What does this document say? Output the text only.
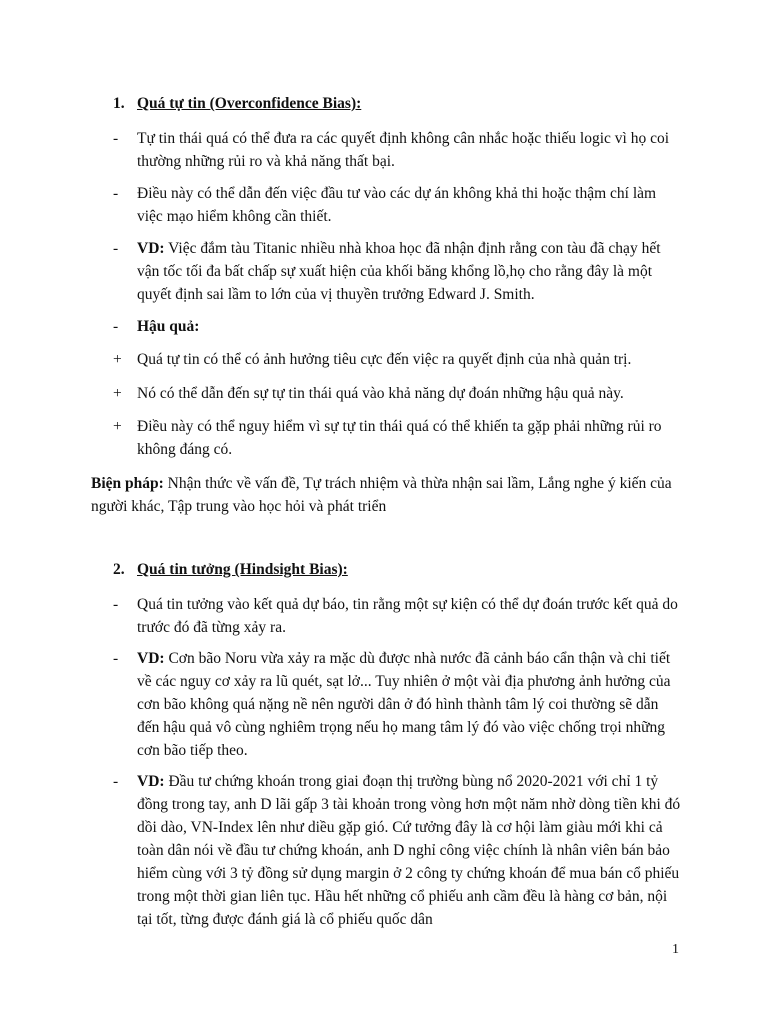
1. Quá tự tin (Overconfidence Bias):
- Tự tin thái quá có thể đưa ra các quyết định không cân nhắc hoặc thiếu logic vì họ coi thường những rủi ro và khả năng thất bại.
- Điều này có thể dẫn đến việc đầu tư vào các dự án không khả thi hoặc thậm chí làm việc mạo hiểm không cần thiết.
- VD: Việc đắm tàu Titanic nhiều nhà khoa học đã nhận định rằng con tàu đã chạy hết vận tốc tối đa bất chấp sự xuất hiện của khối băng khổng lồ,họ cho rằng đây là một quyết định sai lầm to lớn của vị thuyền trưởng Edward J. Smith.
- Hậu quả:
+ Quá tự tin có thể có ảnh hưởng tiêu cực đến việc ra quyết định của nhà quản trị.
+ Nó có thể dẫn đến sự tự tin thái quá vào khả năng dự đoán những hậu quả này.
+ Điều này có thể nguy hiểm vì sự tự tin thái quá có thể khiến ta gặp phải những rủi ro không đáng có.
Biện pháp: Nhận thức về vấn đề, Tự trách nhiệm và thừa nhận sai lầm, Lắng nghe ý kiến của người khác, Tập trung vào học hỏi và phát triển
2. Quá tin tưởng (Hindsight Bias):
- Quá tin tưởng vào kết quả dự báo, tin rằng một sự kiện có thể dự đoán trước kết quả do trước đó đã từng xảy ra.
- VD: Cơn bão Noru vừa xảy ra mặc dù được nhà nước đã cảnh báo cẩn thận và chi tiết về các nguy cơ xảy ra lũ quét, sạt lở... Tuy nhiên ở một vài địa phương ảnh hưởng của cơn bão không quá nặng nề nên người dân ở đó hình thành tâm lý coi thường sẽ dẫn đến hậu quả vô cùng nghiêm trọng nếu họ mang tâm lý đó vào việc chống trọi những cơn bão tiếp theo.
- VD: Đầu tư chứng khoán trong giai đoạn thị trường bùng nổ 2020-2021 với chỉ 1 tỷ đồng trong tay, anh D lãi gấp 3 tài khoản trong vòng hơn một năm nhờ dòng tiền khi đó dồi dào, VN-Index lên như diều gặp gió. Cứ tưởng đây là cơ hội làm giàu mới khi cả toàn dân nói về đầu tư chứng khoán, anh D nghỉ công việc chính là nhân viên bán bảo hiểm cùng với 3 tỷ đồng sử dụng margin ở 2 công ty chứng khoán để mua bán cổ phiếu trong một thời gian liên tục. Hầu hết những cổ phiếu anh cầm đều là hàng cơ bản, nội tại tốt, từng được đánh giá là cổ phiếu quốc dân
1
